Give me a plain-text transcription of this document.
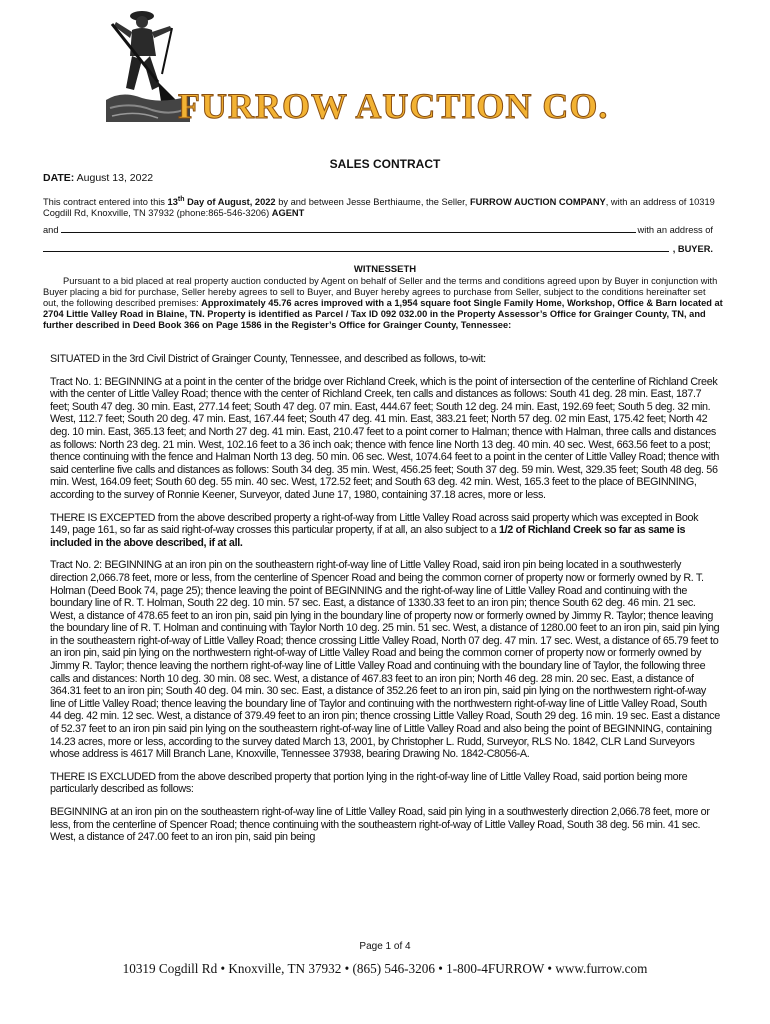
FURROW AUCTION CO.
SALES CONTRACT
DATE: August 13, 2022
This contract entered into this 13th Day of August, 2022 by and between Jesse Berthiaume, the Seller, FURROW AUCTION COMPANY, with an address of 10319 Cogdill Rd, Knoxville, TN 37932 (phone:865-546-3206) AGENT
and	with an address of
, BUYER.
WITNESSETH
Pursuant to a bid placed at real property auction conducted by Agent on behalf of Seller and the terms and conditions agreed upon by Buyer in conjunction with Buyer placing a bid for purchase, Seller hereby agrees to sell to Buyer, and Buyer hereby agrees to purchase from Seller, subject to the conditions hereinafter set out, the following described premises: Approximately 45.76 acres improved with a 1,954 square foot Single Family Home, Workshop, Office & Barn located at 2704 Little Valley Road in Blaine, TN. Property is identified as Parcel / Tax ID 092 032.00 in the Property Assessor’s Office for Grainger County, TN, and further described in Deed Book 366 on Page 1586 in the Register’s Office for Grainger County, Tennessee:

SITUATED in the 3rd Civil District of Grainger County, Tennessee, and described as follows, to-wit:

Tract No. 1: BEGINNING at a point in the center of the bridge over Richland Creek, which is the point of intersection of the centerline of Richland Creek with the center of Little Valley Road; thence with the center of Richland Creek, ten calls and distances as follows: South 41 deg. 28 min. East, 187.7 feet; South 47 deg. 30 min. East, 277.14 feet; South 47 deg. 07 min. East, 444.67 feet; South 12 deg. 24 min. East, 192.69 feet; South 5 deg. 32 min. West, 112.7 feet; South 20 deg. 47 min. East, 167.44 feet; South 47 deg. 41 min. East, 383.21 feet; North 57 deg. 02 min East, 175.42 feet; North 42 deg. 10 min. East, 365.13 feet; and North 27 deg. 41 min. East, 210.47 feet to a point corner to Halman; thence with Halman, three calls and distances as follows: North 23 deg. 21 min. West, 102.16 feet to a 36 inch oak; thence with fence line North 13 deg. 40 min. 40 sec. West, 663.56 feet to a post; thence continuing with the fence and Halman North 13 deg. 50 min. 06 sec. West, 1074.64 feet to a point in the center of Little Valley Road; thence with said centerline five calls and distances as follows: South 34 deg. 35 min. West, 456.25 feet; South 37 deg. 59 min. West, 329.35 feet; South 48 deg. 56 min. West, 164.09 feet; South 60 deg. 55 min. 40 sec. West, 172.52 feet; and South 63 deg. 42 min. West, 165.3 feet to the place of BEGINNING, according to the survey of Ronnie Keener, Surveyor, dated June 17, 1980, containing 37.18 acres, more or less.

THERE IS EXCEPTED from the above described property a right-of-way from Little Valley Road across said property which was excepted in Book 149, page 161, so far as said right-of-way crosses this particular property, if at all, an also subject to a 1/2 of Richland Creek so far as same is included in the above described, if at all.

Tract No. 2: BEGINNING at an iron pin on the southeastern right-of-way line of Little Valley Road, said iron pin being located in a southwesterly direction 2,066.78 feet, more or less, from the centerline of Spencer Road and being the common corner of property now or formerly owned by R. T. Holman (Deed Book 74, page 25); thence leaving the point of BEGINNING and the right-of-way line of Little Valley Road and continuing with the boundary line of R. T. Holman, South 22 deg. 10 min. 57 sec. East, a distance of 1330.33 feet to an iron pin; thence South 62 deg. 46 min. 21 sec. West, a distance of 478.65 feet to an iron pin, said pin lying in the boundary line of property now or formerly owned by Jimmy R. Taylor; thence leaving the boundary line of R. T. Holman and continuing with Taylor North 10 deg. 25 min. 51 sec. West, a distance of 1280.00 feet to an iron pin, said pin lying in the southeastern right-of-way of Little Valley Road; thence crossing Little Valley Road, North 07 deg. 47 min. 17 sec. West, a distance of 65.79 feet to an iron pin, said pin lying on the northwestern right-of-way of Little Valley Road and being the common corner of property now or formerly owned by Jimmy R. Taylor; thence leaving the northern right-of-way line of Little Valley Road and continuing with the boundary line of Taylor, the following three calls and distances: North 10 deg. 30 min. 08 sec. West, a distance of 467.83 feet to an iron pin; North 46 deg. 28 min. 20 sec. East, a distance of 364.31 feet to an iron pin; South 40 deg. 04 min. 30 sec. East, a distance of 352.26 feet to an iron pin, said pin lying on the northwestern right-of-way line of Little Valley Road; thence leaving the boundary line of Taylor and continuing with the northwestern right-of-way line of Little Valley Road, South 44 deg. 42 min. 12 sec. West, a distance of 379.49 feet to an iron pin; thence crossing Little Valley Road, South 29 deg. 16 min. 19 sec. East a distance of 52.37 feet to an iron pin said pin lying on the southeastern right-of-way line of Little Valley Road and also being the point of BEGINNING, containing 14.23 acres, more or less, according to the survey dated March 13, 2001, by Christopher L. Rudd, Surveyor, RLS No. 1842, CLR Land Surveyors whose address is 4617 Mill Branch Lane, Knoxville, Tennessee 37938, bearing Drawing No. 1842-C8056-A.

THERE IS EXCLUDED from the above described property that portion lying in the right-of-way line of Little Valley Road, said portion being more particularly described as follows:

BEGINNING at an iron pin on the southeastern right-of-way line of Little Valley Road, said pin lying in a southwesterly direction 2,066.78 feet, more or less, from the centerline of Spencer Road; thence continuing with the southeastern right-of-way of Little Valley Road, South 38 deg. 56 min. 41 sec. West, a distance of 247.00 feet to an iron pin, said pin being

Page 1 of 4
10319 Cogdill Rd • Knoxville, TN 37932 • (865) 546-3206 • 1-800-4FURROW • www.furrow.com
